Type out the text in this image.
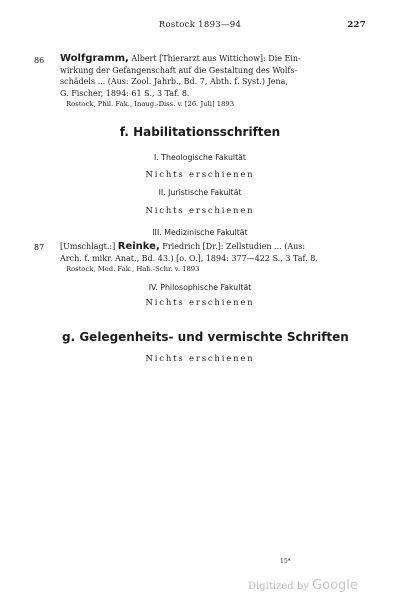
Rostock 1893—94	227
86 Wolfgramm, Albert [Thierarzt aus Wittichow]: Die Ein-
wirkung der Gefangenschaft auf die Gestaltung des Wolfs-
schädels ... (Aus: Zool. Jahrb., Bd. 7, Abth. f. Syst.) Jena,
G. Fischer, 1894: 61 S., 3 Taf. 8.
Rostock, Phil. Fak., Inaug.-Diss. v. [26. Juli] 1893
f. Habilitationsschriften
I. Theologische Fakultät
Nichts erschienen
II. Juristische Fakultät
Nichts erschienen
III. Medizinische Fakultät
87 [Umschlagt.:] Reinke, Friedrich [Dr.]: Zellstudien ... (Aus:
Arch. f. mikr. Anat., Bd. 43.) [o. O.], 1894: 377—422 S., 3 Taf. 8.
Rostock, Med. Fak., Hab.-Schr. v. 1893
IV. Philosophische Fakultät
Nichts erschienen
g. Gelegenheits- und vermischte Schriften
Nichts erschienen
15*
Digitized by Google
